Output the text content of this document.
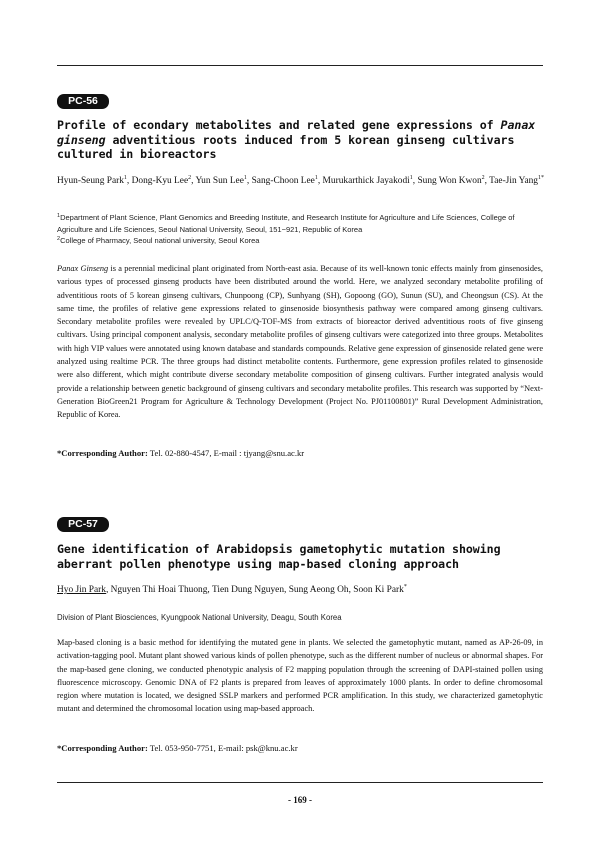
PC-56
Profile of econdary metabolites and related gene expressions of Panax ginseng adventitious roots induced from 5 korean ginseng cultivars cultured in bioreactors
Hyun-Seung Park$^1$, Dong-Kyu Lee$^2$, Yun Sun Lee$^1$, Sang-Choon Lee$^1$, Murukarthick Jayakodi$^1$, Sung Won Kwon$^2$, Tae-Jin Yang$^{1*}$
$^1$Department of Plant Science, Plant Genomics and Breeding Institute, and Research Institute for Agriculture and Life Sciences, College of Agriculture and Life Sciences, Seoul National University, Seoul, 151−921, Republic of Korea
$^2$College of Pharmacy, Seoul national university, Seoul Korea
Panax Ginseng is a perennial medicinal plant originated from North-east asia. Because of its well-known tonic effects mainly from ginsenosides, various types of processed ginseng products have been distributed around the world. Here, we analyzed secondary metabolite profiling of adventitious roots of 5 korean ginseng cultivars, Chunpoong (CP), Sunhyang (SH), Gopoong (GO), Sunun (SU), and Cheongsun (CS). At the same time, the profiles of relative gene expressions related to ginsenoside biosynthesis pathway were compared among ginseng cultivars. Secondary metabolite profiles were revealed by UPLC/Q-TOF-MS from extracts of bioreactor derived adventitious roots of five ginseng cultivars. Using principal component analysis, secondary metabolite profiles of ginseng cultivars were categorized into three groups. Metabolites with high VIP values were annotated using known database and standards compounds. Relative gene expression of ginsenoside related gene were analyzed using realtime PCR. The three groups had distinct metabolite contents. Furthermore, gene expression profiles related to ginsenoside were also different, which might contribute diverse secondary metabolite composition of ginseng cultivars. Further integrated analysis would provide a relationship between genetic background of ginseng cultivars and secondary metabolite profiles. This research was supported by “Next-Generation BioGreen21 Program for Agriculture & Technology Development (Project No. PJ01100801)” Rural Development Administration, Republic of Korea.
*Corresponding Author: Tel. 02-880-4547, E-mail : tjyang@snu.ac.kr
PC-57
Gene identification of Arabidopsis gametophytic mutation showing aberrant pollen phenotype using map-based cloning approach
Hyo Jin Park, Nguyen Thi Hoai Thuong, Tien Dung Nguyen, Sung Aeong Oh, Soon Ki Park*
Division of Plant Biosciences, Kyungpook National University, Deagu, South Korea
Map-based cloning is a basic method for identifying the mutated gene in plants. We selected the gametophytic mutant, named as AP-26-09, in activation-tagging pool. Mutant plant showed various kinds of pollen phenotype, such as the different number of nucleus or abnormal shapes. For the map-based gene cloning, we conducted phenotypic analysis of F2 mapping population through the screening of DAPI-stained pollen using fluorescence microscopy. Genomic DNA of F2 plants is prepared from leaves of approximately 1000 plants. In order to define chromosomal region where mutation is located, we designed SSLP markers and performed PCR amplification. In this study, we characterized gametophytic mutant and determined the chromosomal location using map-based approach.
*Corresponding Author: Tel. 053-950-7751, E-mail: psk@knu.ac.kr
- 169 -
